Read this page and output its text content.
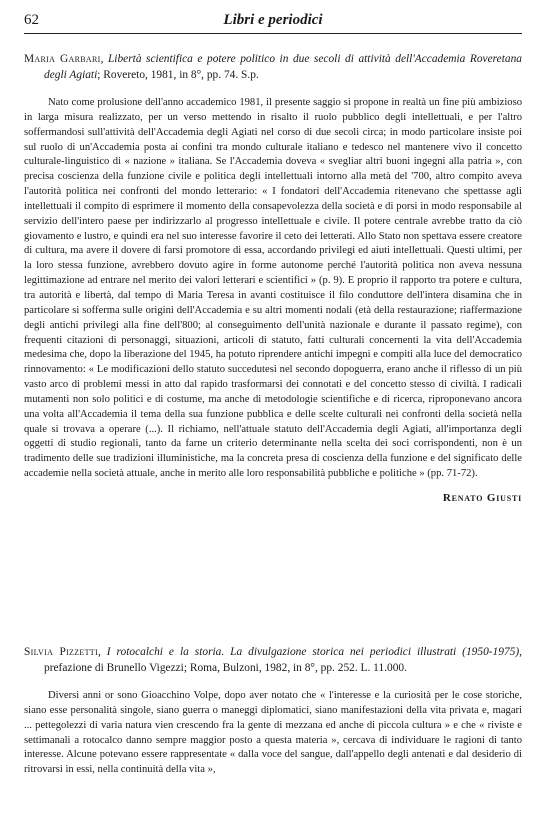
62	Libri e periodici

Maria Garbari, Libertà scientifica e potere politico in due secoli di attività dell'Accademia Roveretana degli Agiati; Rovereto, 1981, in 8°, pp. 74. S.p.

Nato come prolusione dell'anno accademico 1981, il presente saggio si propone in realtà un fine più ambizioso in larga misura realizzato, per un verso mettendo in risalto il ruolo pubblico degli intellettuali, e per l'altro soffermandosi sull'attività dell'Accademia degli Agiati nel corso di due secoli circa; in modo particolare insiste poi sul ruolo di un'Accademia posta ai confini tra mondo culturale italiano e tedesco nel mantenere vivo il concetto culturale-linguistico di « nazione » italiana. Se l'Accademia doveva « svegliar altri buoni ingegni alla patria », con precisa coscienza della funzione civile e politica degli intellettuali intorno alla metà del '700, altro compito aveva l'autorità politica nei confronti del mondo letterario: « I fondatori dell'Accademia ritenevano che spettasse agli intellettuali il compito di esprimere il momento della consapevolezza della società e di porsi in modo responsabile al servizio dell'intero paese per indirizzarlo al progresso intellettuale e civile. Il potere centrale avrebbe tratto da ciò giovamento e lustro, e quindi era nel suo interesse favorire il ceto dei letterati. Allo Stato non spettava essere creatore di cultura, ma avere il dovere di farsi promotore di essa, accordando privilegi ed aiuti intellettuali. Questi ultimi, per la loro stessa funzione, avrebbero dovuto agire in forme autonome perché l'autorità politica non aveva nessuna legittimazione ad entrare nel merito dei valori letterari e scientifici » (p. 9). E proprio il rapporto tra potere e cultura, tra autorità e libertà, dal tempo di Maria Teresa in avanti costituisce il filo conduttore dell'intera disamina che in particolare si sofferma sulle origini dell'Accademia e su altri momenti nodali (età della restaurazione; riaffermazione degli antichi privilegi alla fine dell'800; al conseguimento dell'unità nazionale e durante il passato regime), con frequenti citazioni di personaggi, situazioni, articoli di statuto, fatti culturali concernenti la vita dell'Accademia medesima che, dopo la liberazione del 1945, ha potuto riprendere antichi impegni e compiti alla luce del democratico rinnovamento: « Le modificazioni dello statuto succedutesi nel secondo dopoguerra, erano anche il riflesso di un più vasto arco di problemi messi in atto dal rapido trasformarsi dei connotati e del concetto stesso di civiltà. I radicali mutamenti non solo politici e di costume, ma anche di metodologie scientifiche e di ricerca, riproponevano ancora una volta all'Accademia il tema della sua funzione pubblica e delle scelte culturali nei confronti della società nella quale si trovava a operare (...). Il richiamo, nell'attuale statuto dell'Accademia degli Agiati, all'importanza degli oggetti di studio regionali, tanto da farne un criterio determinante nella scelta dei soci corrispondenti, non è un tradimento delle sue tradizioni illuministiche, ma la concreta presa di coscienza della funzione e del significato delle accademie nella società attuale, anche in merito alle loro responsabilità pubbliche e politiche » (pp. 71-72).

Renato Giusti

Silvia Pizzetti, I rotocalchi e la storia. La divulgazione storica nei periodici illustrati (1950-1975), prefazione di Brunello Vigezzi; Roma, Bulzoni, 1982, in 8°, pp. 252. L. 11.000.

Diversi anni or sono Gioacchino Volpe, dopo aver notato che « l'interesse e la curiosità per le cose storiche, siano esse personalità singole, siano guerra o maneggi diplomatici, siano manifestazioni della vita privata e, magari ... pettegolezzi di varia natura vien crescendo fra la gente di mezzana ed anche di piccola cultura » e che « riviste e settimanali a rotocalco danno sempre maggior posto a questa materia », cercava di individuare le ragioni di tanto interesse. Alcune potevano essere rappresentate « dalla voce del sangue, dall'appello degli antenati e dal desiderio di ritrovarsi in essi, nella continuità della vita »,
